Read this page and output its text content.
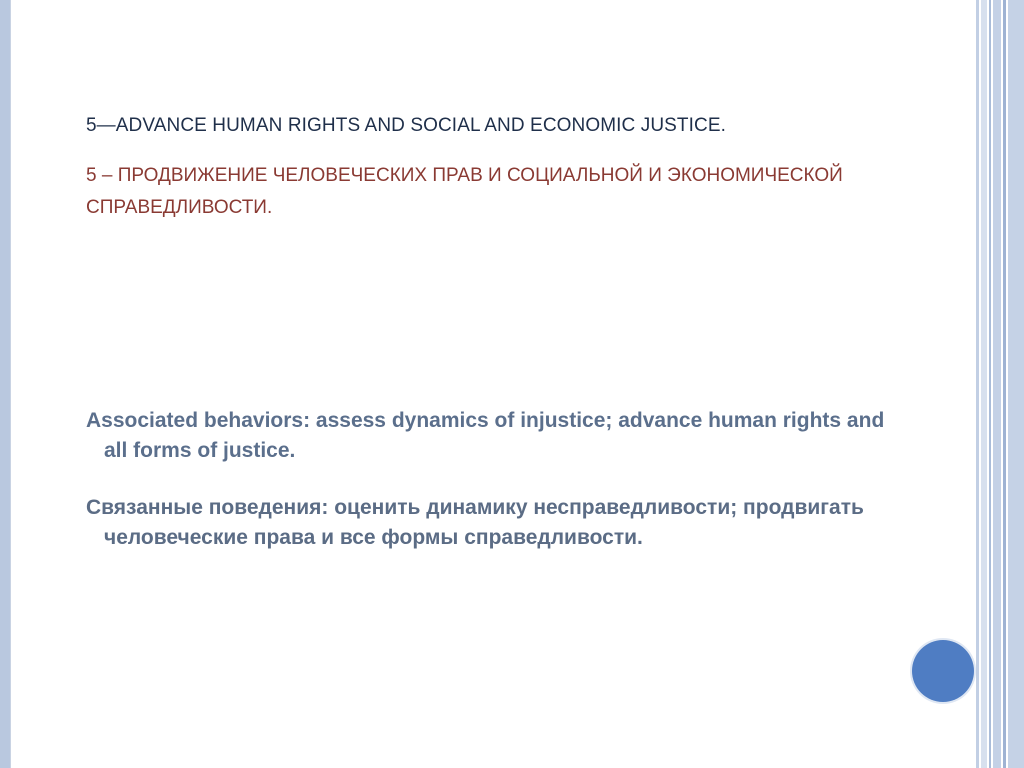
5—ADVANCE HUMAN RIGHTS AND SOCIAL AND ECONOMIC JUSTICE.

5 – ПРОДВИЖЕНИЕ ЧЕЛОВЕЧЕСКИХ ПРАВ И СОЦИАЛЬНОЙ И ЭКОНОМИЧЕСКОЙ СПРАВЕДЛИВОСТИ.

Associated behaviors: assess dynamics of injustice; advance human rights and all forms of justice.

Связанные поведения: оценить динамику несправедливости; продвигать человеческие права и все формы справедливости.
